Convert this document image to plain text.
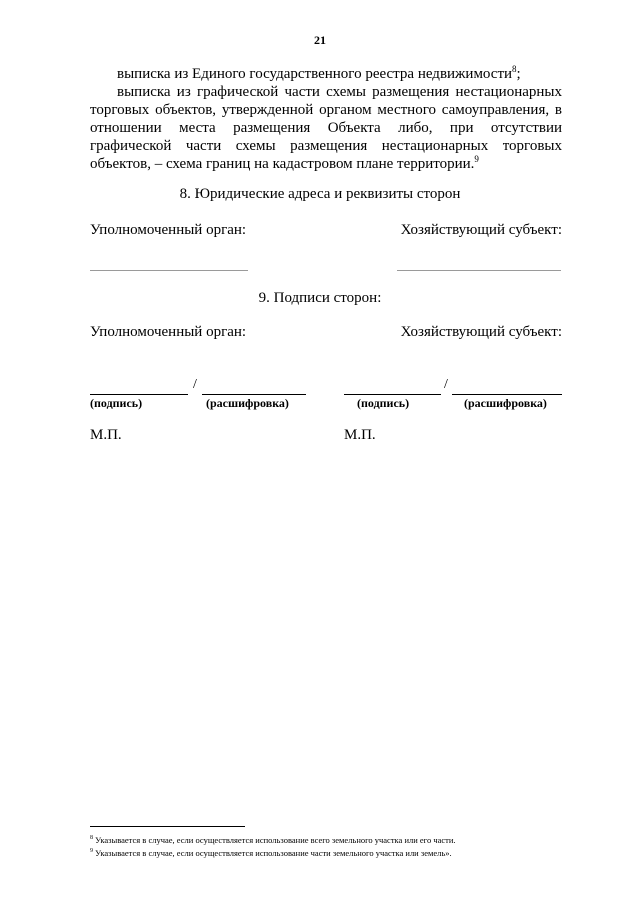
21
выписка из Единого государственного реестра недвижимости$^8$;
выписка из графической части схемы размещения нестационарных
торговых объектов, утвержденной органом местного самоуправления, в
отношении места размещения Объекта либо, при отсутствии
графической части схемы размещения нестационарных торговых
объектов, – схема границ на кадастровом плане территории.$^9$
8. Юридические адреса и реквизиты сторон
Уполномоченный орган:	Хозяйствующий субъект:
9. Подписи сторон:
Уполномоченный орган:	Хозяйствующий субъект:
/
(подпись)	(расшифровка)
/
(подпись)	(расшифровка)
М.П.	М.П.
$^8$ Указывается в случае, если осуществляется использование всего земельного участка или его части.
$^9$ Указывается в случае, если осуществляется использование части земельного участка или земель».
